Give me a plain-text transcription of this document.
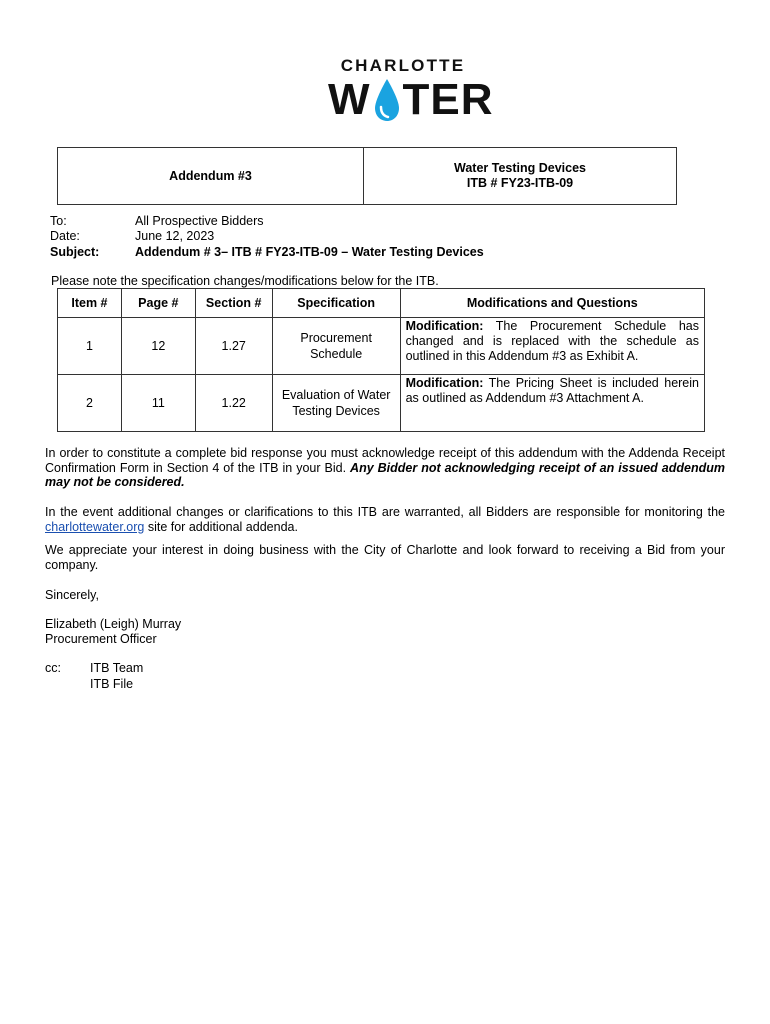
CHARLOTTE
W TER
Addendum #3
Water Testing Devices
ITB # FY23-ITB-09
To:	All Prospective Bidders
Date:	June 12, 2023
Subject:	Addendum # 3– ITB # FY23-ITB-09 – Water Testing Devices
Please note the specification changes/modifications below for the ITB.
Item #	Page #	Section #	Specification	Modifications and Questions
1	12	1.27	Procurement Schedule	Modification: The Procurement Schedule has changed and is replaced with the schedule as outlined in this Addendum #3 as Exhibit A.
2	11	1.22	Evaluation of Water Testing Devices	Modification: The Pricing Sheet is included herein as outlined as Addendum #3 Attachment A.
In order to constitute a complete bid response you must acknowledge receipt of this addendum with the Addenda Receipt Confirmation Form in Section 4 of the ITB in your Bid. Any Bidder not acknowledging receipt of an issued addendum may not be considered.
In the event additional changes or clarifications to this ITB are warranted, all Bidders are responsible for monitoring the charlottewater.org site for additional addenda.
We appreciate your interest in doing business with the City of Charlotte and look forward to receiving a Bid from your company.
Sincerely,
Elizabeth (Leigh) Murray
Procurement Officer
cc: ITB Team
ITB File
